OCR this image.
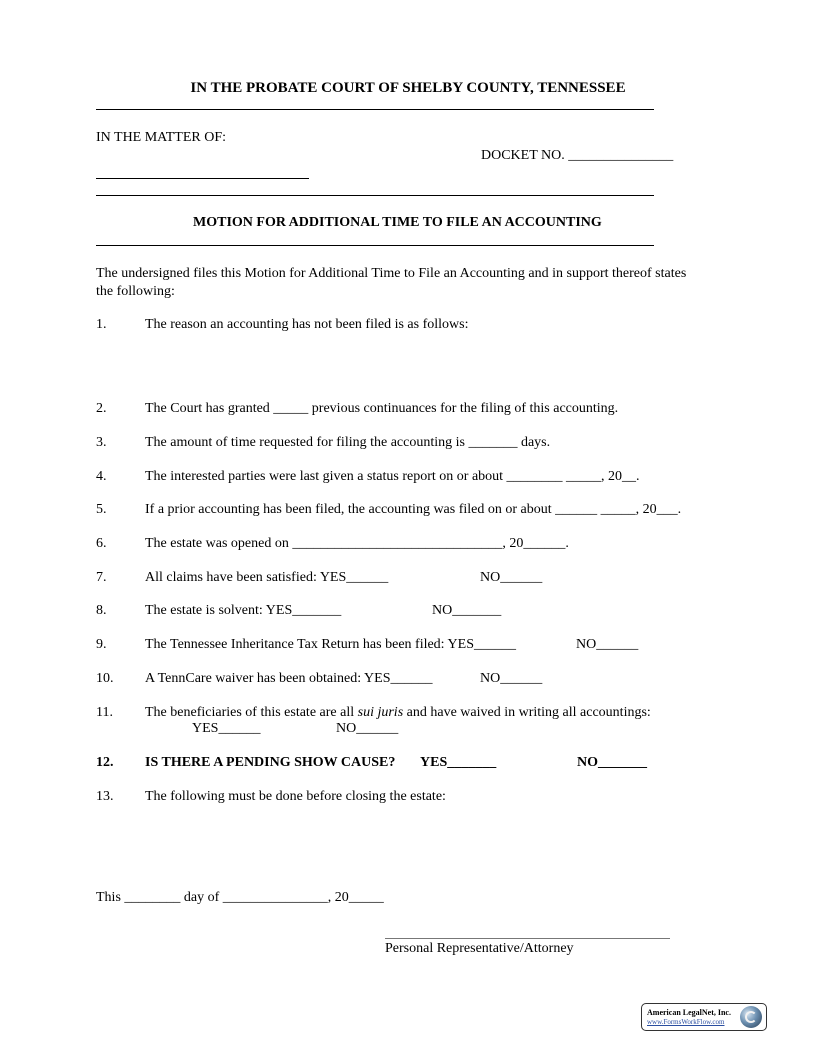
IN THE PROBATE COURT OF SHELBY COUNTY, TENNESSEE
IN THE MATTER OF:
DOCKET NO. _______________
MOTION FOR ADDITIONAL TIME TO FILE AN ACCOUNTING
The undersigned files this Motion for Additional Time to File an Accounting and in support thereof states
the following:
1.	The reason an accounting has not been filed is as follows:
2.	The Court has granted _____ previous continuances for the filing of this accounting.
3.	The amount of time requested for filing the accounting is _______ days.
4.	The interested parties were last given a status report on or about ________ _____, 20__.
5.	If a prior accounting has been filed, the accounting was filed on or about ______ _____, 20___.
6.	The estate was opened on ______________________________, 20______.
7.	All claims have been satisfied: YES______	NO______
8.	The estate is solvent: YES_______	NO_______
9.	The Tennessee Inheritance Tax Return has been filed: YES______	NO______
10. A TennCare waiver has been obtained: YES______	NO______
11. The beneficiaries of this estate are all sui juris and have waived in writing all accountings:
YES______	NO______
12. IS THERE A PENDING SHOW CAUSE? YES_______	NO_______
13. The following must be done before closing the estate:
This ________ day of _______________, 20_____
Personal Representative/Attorney
American LegalNet, Inc.
www.FormsWorkFlow.com
